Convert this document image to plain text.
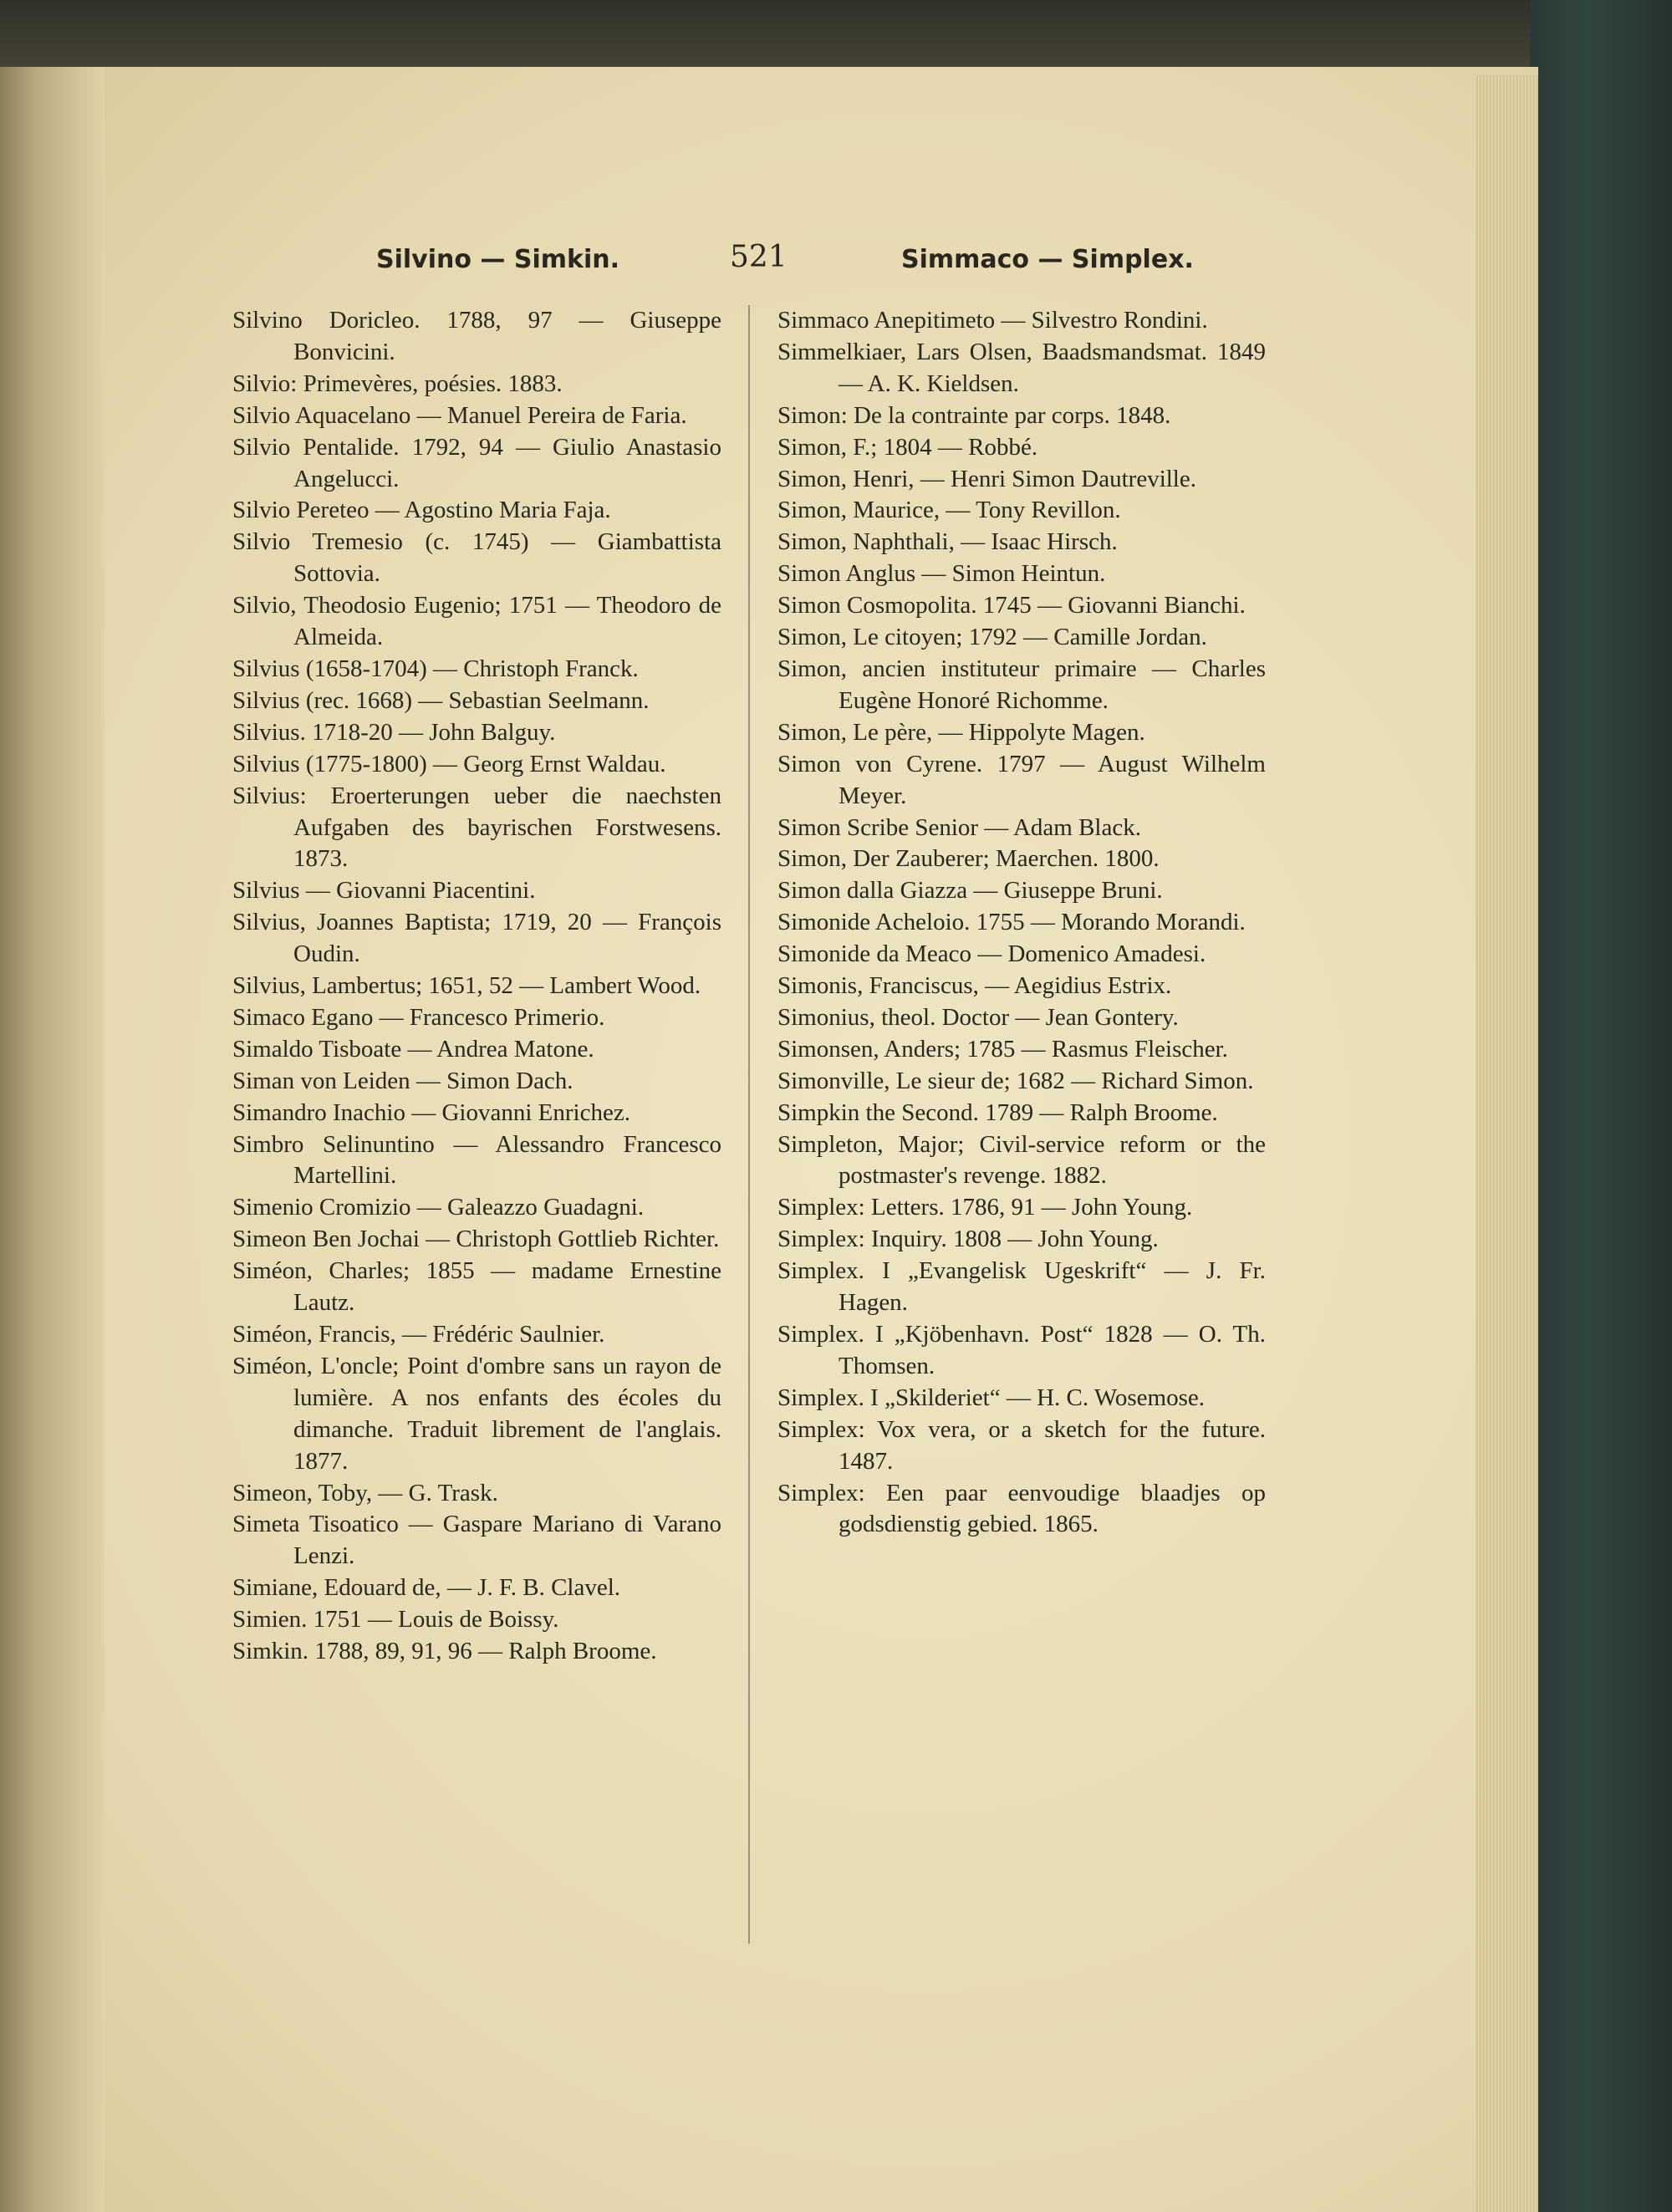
Silvino — Simkin.	521	Simmaco — Simplex.

Silvino Doricleo. 1788, 97 — Giuseppe Bonvicini.

Silvio: Primevères, poésies. 1883.

Silvio Aquacelano — Manuel Pereira de Faria.

Silvio Pentalide. 1792, 94 — Giulio Anastasio Angelucci.

Silvio Pereteo — Agostino Maria Faja.

Silvio Tremesio (c. 1745) — Giambattista Sottovia.

Silvio, Theodosio Eugenio; 1751 — Theodoro de Almeida.

Silvius (1658-1704) — Christoph Franck.

Silvius (rec. 1668) — Sebastian Seelmann.

Silvius. 1718-20 — John Balguy.

Silvius (1775-1800) — Georg Ernst Waldau.

Silvius: Eroerterungen ueber die naechsten Aufgaben des bayrischen Forstwesens. 1873.

Silvius — Giovanni Piacentini.

Silvius, Joannes Baptista; 1719, 20 — François Oudin.

Silvius, Lambertus; 1651, 52 — Lambert Wood.

Simaco Egano — Francesco Primerio.

Simaldo Tisboate — Andrea Matone.

Siman von Leiden — Simon Dach.

Simandro Inachio — Giovanni Enrichez.

Simbro Selinuntino — Alessandro Francesco Martellini.

Simenio Cromizio — Galeazzo Guadagni.

Simeon Ben Jochai — Christoph Gottlieb Richter.

Siméon, Charles; 1855 — madame Ernestine Lautz.

Siméon, Francis, — Frédéric Saulnier.

Siméon, L'oncle; Point d'ombre sans un rayon de lumière. A nos enfants des écoles du dimanche. Traduit librement de l'anglais. 1877.

Simeon, Toby, — G. Trask.

Simeta Tisoatico — Gaspare Mariano di Varano Lenzi.

Simiane, Edouard de, — J. F. B. Clavel.

Simien. 1751 — Louis de Boissy.

Simkin. 1788, 89, 91, 96 — Ralph Broome.

Simmaco Anepitimeto — Silvestro Rondini.

Simmelkiaer, Lars Olsen, Baadsmandsmat. 1849 — A. K. Kieldsen.

Simon: De la contrainte par corps. 1848.

Simon, F.; 1804 — Robbé.

Simon, Henri, — Henri Simon Dautreville.

Simon, Maurice, — Tony Revillon.

Simon, Naphthali, — Isaac Hirsch.

Simon Anglus — Simon Heintun.

Simon Cosmopolita. 1745 — Giovanni Bianchi.

Simon, Le citoyen; 1792 — Camille Jordan.

Simon, ancien instituteur primaire — Charles Eugène Honoré Richomme.

Simon, Le père, — Hippolyte Magen.

Simon von Cyrene. 1797 — August Wilhelm Meyer.

Simon Scribe Senior — Adam Black.

Simon, Der Zauberer; Maerchen. 1800.

Simon dalla Giazza — Giuseppe Bruni.

Simonide Acheloio. 1755 — Morando Morandi.

Simonide da Meaco — Domenico Amadesi.

Simonis, Franciscus, — Aegidius Estrix.

Simonius, theol. Doctor — Jean Gontery.

Simonsen, Anders; 1785 — Rasmus Fleischer.

Simonville, Le sieur de; 1682 — Richard Simon.

Simpkin the Second. 1789 — Ralph Broome.

Simpleton, Major; Civil-service reform or the postmaster's revenge. 1882.

Simplex: Letters. 1786, 91 — John Young.

Simplex: Inquiry. 1808 — John Young.

Simplex. I „Evangelisk Ugeskrift“ — J. Fr. Hagen.

Simplex. I „Kjöbenhavn. Post“ 1828 — O. Th. Thomsen.

Simplex. I „Skilderiet“ — H. C. Wosemose.

Simplex: Vox vera, or a sketch for the future. 1487.

Simplex: Een paar eenvoudige blaadjes op godsdienstig gebied. 1865.
